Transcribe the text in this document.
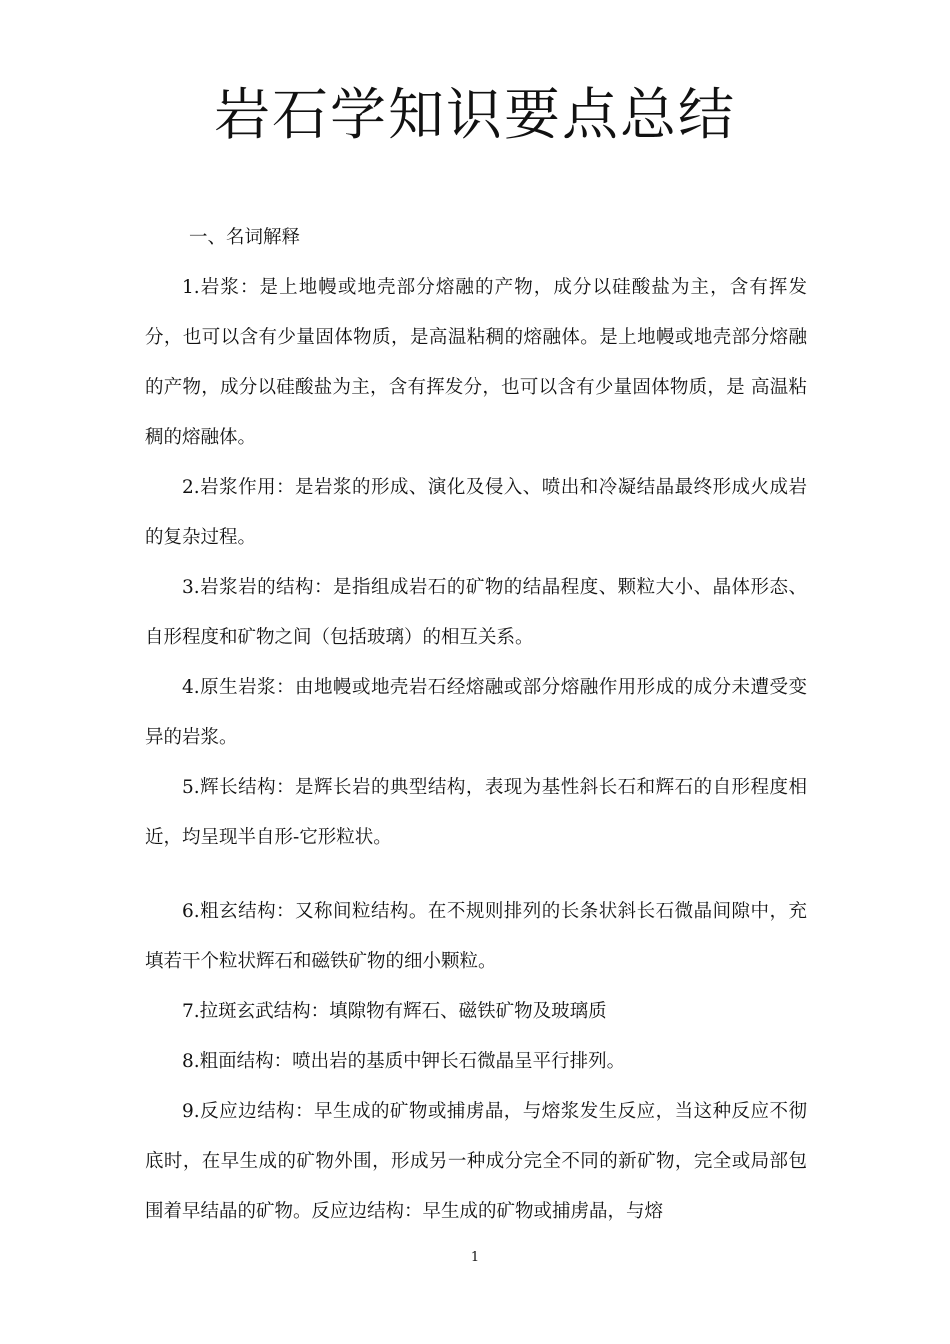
岩石学知识要点总结

一、名词解释

1.岩浆：是上地幔或地壳部分熔融的产物，成分以硅酸盐为主，含有挥发分，也可以含有少量固体物质，是高温粘稠的熔融体。是上地幔或地壳部分熔融的产物，成分以硅酸盐为主，含有挥发分，也可以含有少量固体物质，是 高温粘稠的熔融体。

2.岩浆作用：是岩浆的形成、演化及侵入、喷出和冷凝结晶最终形成火成岩的复杂过程。

3.岩浆岩的结构：是指组成岩石的矿物的结晶程度、颗粒大小、晶体形态、自形程度和矿物之间（包括玻璃）的相互关系。

4.原生岩浆：由地幔或地壳岩石经熔融或部分熔融作用形成的成分未遭受变异的岩浆。

5.辉长结构：是辉长岩的典型结构，表现为基性斜长石和辉石的自形程度相近，均呈现半自形-它形粒状。

6.粗玄结构：又称间粒结构。在不规则排列的长条状斜长石微晶间隙中，充填若干个粒状辉石和磁铁矿物的细小颗粒。

7.拉斑玄武结构：填隙物有辉石、磁铁矿物及玻璃质

8.粗面结构：喷出岩的基质中钾长石微晶呈平行排列。

9.反应边结构：早生成的矿物或捕虏晶，与熔浆发生反应，当这种反应不彻　 底时，在早生成的矿物外围，形成另一种成分完全不同的新矿物，完全或局部包围着早结晶的矿物。反应边结构：早生成的矿物或捕虏晶，与熔

1
